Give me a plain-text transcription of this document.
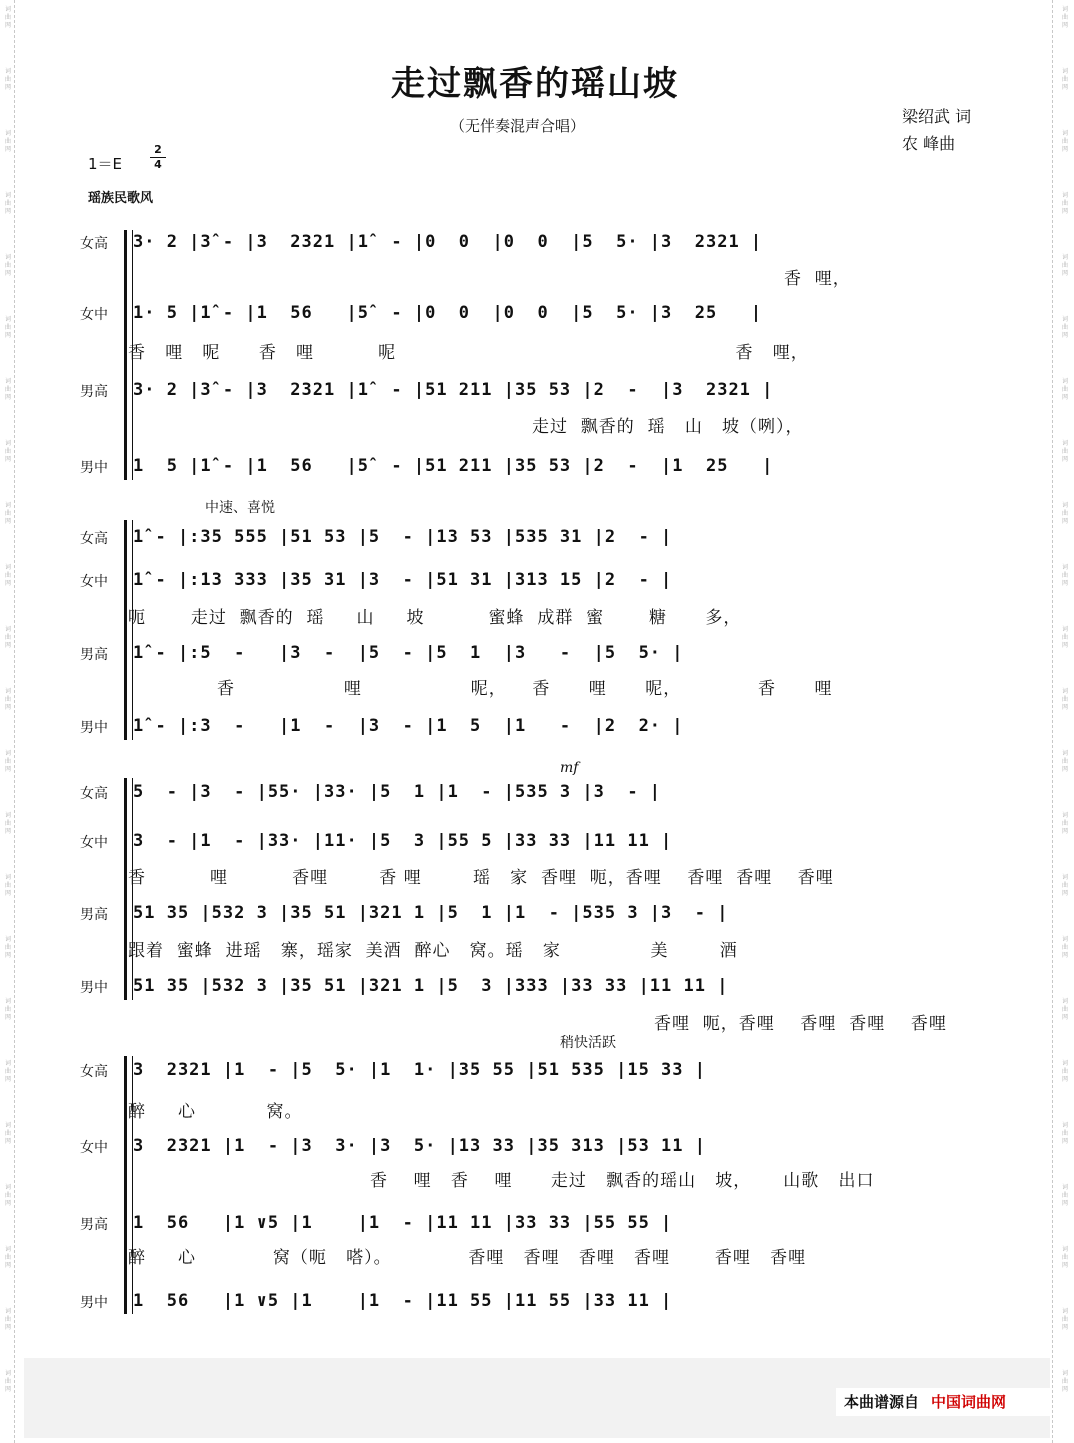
走过飘香的瑶山坡
（无伴奏混声合唱）	梁绍武 词
农 峰曲
1＝E
2
4
瑶族民歌风
女高 3· 2 |3̂ - |3  2321 |1̂  - |0  0  |0  0  |5  5· |3  2321 |
香  哩，
女中 1· 5 |1̂ - |1  56   |5̂  - |0  0  |0  0  |5  5· |3  25   |
香   哩   呢      香   哩          呢                                                     香   哩，
男高 3· 2 |3̂ - |3  2321 |1̂  - |51 211 |35 53 |2  -  |3  2321 |
走过  飘香的  瑶   山   坡（咧），
男中 1  5 |1̂ - |1  56   |5̂  - |51 211 |35 53 |2  -  |1  25   |
中速、喜悦
女高 1̂ - |:35 555 |51 53 |5  - |13 53 |535 31 |2  - |
女中 1̂ - |:13 333 |35 31 |3  - |51 31 |313 15 |2  - |
呃       走过  飘香的  瑶     山     坡          蜜蜂  成群  蜜       糖      多，
男高 1̂ - |:5  -   |3  -  |5  - |5  1  |3   -  |5  5· |
香                 哩                 呢，    香      哩      呢，            香      哩
男中 1̂ - |:3  -   |1  -  |3  - |1  5  |1   -  |2  2· |
mf
女高 5  - |3  - |55· |33· |5  1 |1  - |535 3 |3  - |
女中 3  - |1  - |33· |11· |5  3 |55 5 |33 33 |11 11 |
香          哩          香哩        香 哩        瑶   家  香哩  呃，香哩    香哩  香哩    香哩
男高 51 35 |532 3 |35 51 |321 1 |5  1 |1  - |535 3 |3  - |
跟着  蜜蜂  进瑶   寨，瑶家  美酒  醉心   窝。瑶   家              美        酒
男中 51 35 |532 3 |35 51 |321 1 |5  3 |333 |33 33 |11 11 |
香哩  呃，香哩    香哩  香哩    香哩
稍快活跃
女高 3  2321 |1  - |5  5· |1  1· |35 55 |51 535 |15 33 |
醉     心           窝。
女中 3  2321 |1  - |3  3· |3  5· |13 33 |35 313 |53 11 |
香    哩   香    哩      走过   飘香的瑶山   坡，     山歌   出口
男高 1  56   |1 ∨5 |1    |1  - |11 11 |33 33 |55 55 |
醉     心            窝（呃   嗒）。            香哩   香哩   香哩   香哩       香哩   香哩
男中 1  56   |1 ∨5 |1    |1  - |11 55 |11 55 |33 11 |
本曲谱源自 中国词曲网
词
曲
网
词
曲
网
词
曲
网
词
曲
网
词
曲
网
词
曲
网
词
曲
网
词
曲
网
词
曲
网
词
曲
网
词
曲
网
词
曲
网
词
曲
网
词
曲
网
词
曲
网
词
曲
网
词
曲
网
词
曲
网
词
曲
网
词
曲
网
词
曲
网
词
曲
网
词
曲
网
词
曲
网
词
曲
网
词
曲
网
词
曲
网
词
曲
网
词
曲
网
词
曲
网
词
曲
网
词
曲
网
词
曲
网
词
曲
网
词
曲
网
词
曲
网
词
曲
网
词
曲
网
词
曲
网
词
曲
网
词
曲
网
词
曲
网
词
曲
网
词
曲
网
词
曲
网
词
曲
网
